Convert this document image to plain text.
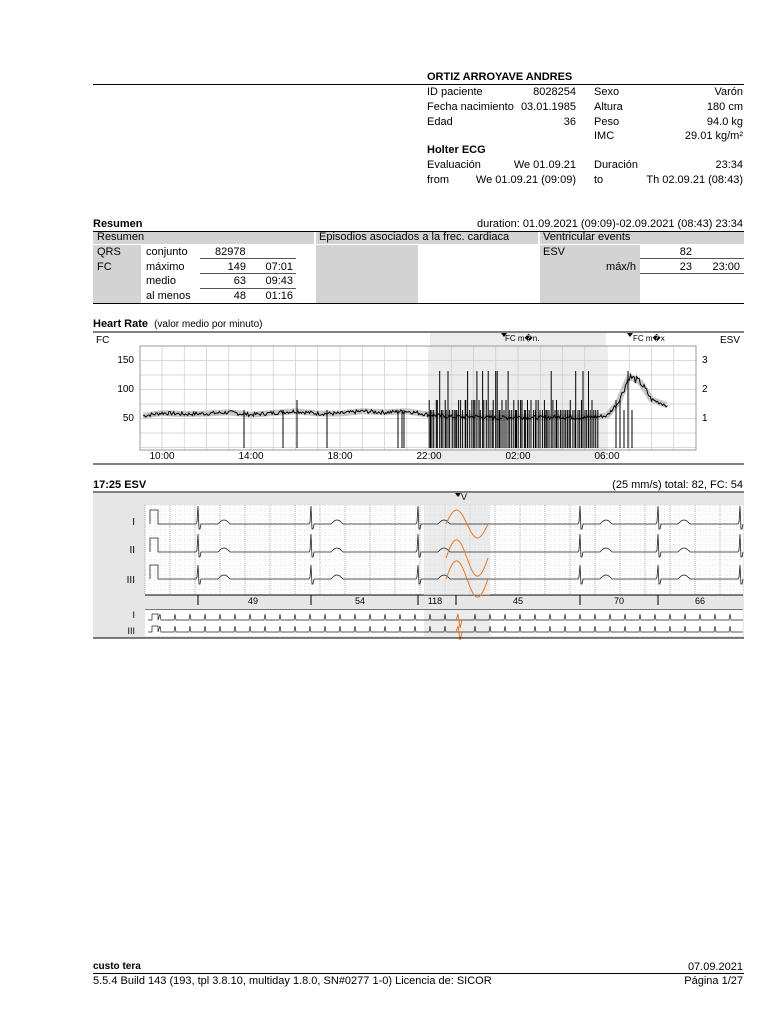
ORTIZ ARROYAVE ANDRES
ID paciente	8028254
Fecha nacimiento 03.01.1985
Edad	36
Sexo	Varón
Altura	180 cm
Peso	94.0 kg
IMC	29.01 kg/m²
Holter ECG
Evaluación	We 01.09.21 Duración	23:34
from	We 01.09.21 (09:09) to	Th 02.09.21 (08:43)
Resumen	duration: 01.09.2021 (09:09)-02.09.2021 (08:43) 23:34
Resumen	Episodios asociados a la frec. cardiaca	Ventricular events
QRS conjunto 82978
FC	máximo	149	07:01
medio	63	09:43
al menos	48	01:16
ESV	82
máx/h	23	23:00
Heart Rate (valor medio por minuto)
FC	ESV
FC m�n.	FC m�x
150
100
50
3
2
1
10:00	14:00	18:00	22:00	02:00	06:00
I
II
III
I
III
V
49	54	118	45	70	66
17:25 ESV	(25 mm/s) total: 82, FC: 54
custo tera	07.09.2021
5.5.4 Build 143 (193, tpl 3.8.10, multiday 1.8.0, SN#0277 1-0) Licencia de: SICOR	Página 1/27
